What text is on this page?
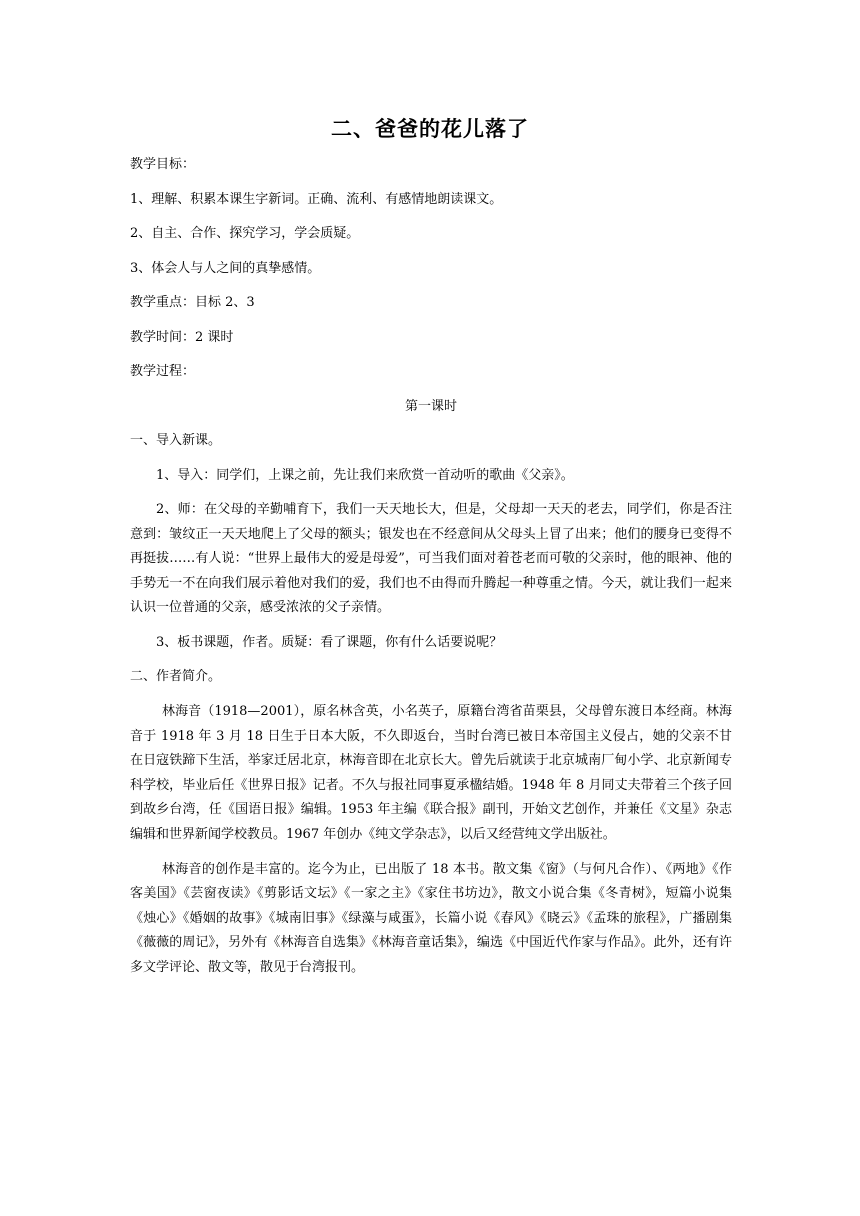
二、爸爸的花儿落了

教学目标：

1、理解、积累本课生字新词。正确、流利、有感情地朗读课文。

2、自主、合作、探究学习，学会质疑。

3、体会人与人之间的真挚感情。

教学重点：目标 2、3

教学时间：2 课时

教学过程：

第一课时

一、导入新课。

1、导入：同学们，上课之前，先让我们来欣赏一首动听的歌曲《父亲》。

2、师：在父母的辛勤哺育下，我们一天天地长大，但是，父母却一天天的老去，同学们，你是否注意到：皱纹正一天天地爬上了父母的额头；银发也在不经意间从父母头上冒了出来；他们的腰身已变得不再挺拔……有人说：“世界上最伟大的爱是母爱”，可当我们面对着苍老而可敬的父亲时，他的眼神、他的手势无一不在向我们展示着他对我们的爱，我们也不由得而升腾起一种尊重之情。今天，就让我们一起来认识一位普通的父亲，感受浓浓的父子亲情。

3、板书课题，作者。质疑：看了课题，你有什么话要说呢？

二、作者简介。

林海音（1918—2001），原名林含英，小名英子，原籍台湾省苗栗县，父母曾东渡日本经商。林海音于 1918 年 3 月 18 日生于日本大阪，不久即返台，当时台湾已被日本帝国主义侵占，她的父亲不甘在日寇铁蹄下生活，举家迁居北京，林海音即在北京长大。曾先后就读于北京城南厂甸小学、北京新闻专科学校，毕业后任《世界日报》记者。不久与报社同事夏承楹结婚。1948 年 8 月同丈夫带着三个孩子回到故乡台湾，任《国语日报》编辑。1953 年主编《联合报》副刊，开始文艺创作，并兼任《文星》杂志编辑和世界新闻学校教员。1967 年创办《纯文学杂志》，以后又经营纯文学出版社。

林海音的创作是丰富的。迄今为止，已出版了 18 本书。散文集《窗》（与何凡合作）、《两地》《作客美国》《芸窗夜读》《剪影话文坛》《一家之主》《家住书坊边》，散文小说合集《冬青树》，短篇小说集《烛心》《婚姻的故事》《城南旧事》《绿藻与咸蛋》，长篇小说《春风》《晓云》《孟珠的旅程》，广播剧集《薇薇的周记》，另外有《林海音自选集》《林海音童话集》，编选《中国近代作家与作品》。此外，还有许多文学评论、散文等，散见于台湾报刊。
